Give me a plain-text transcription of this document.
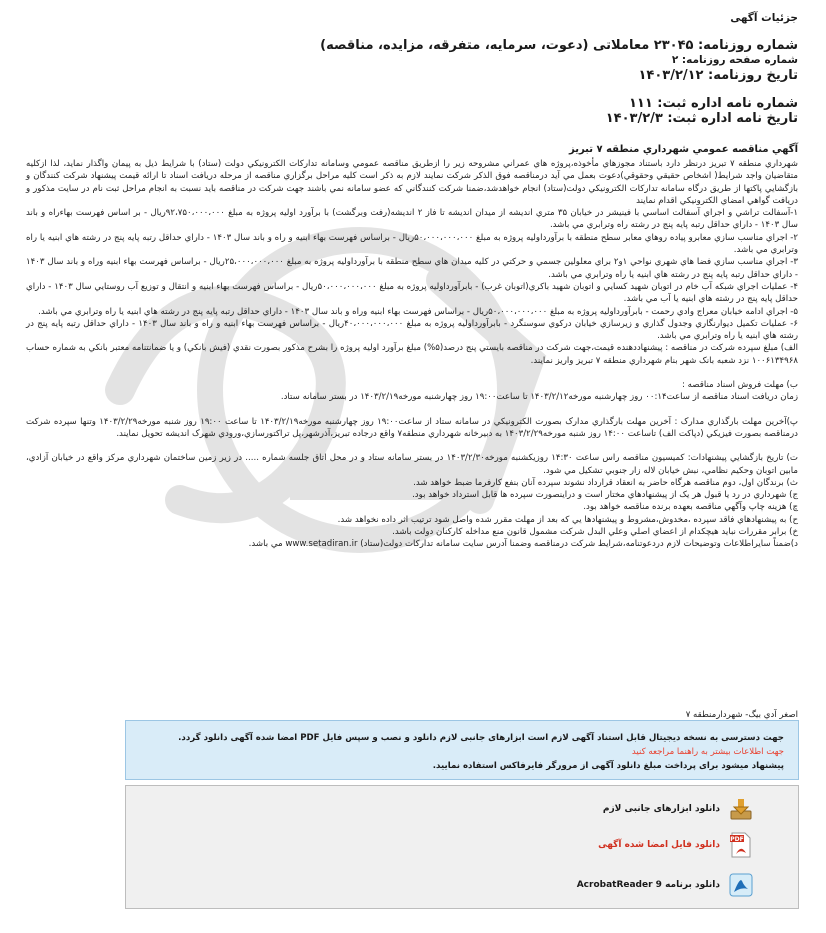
جزئیات آگهی
شماره روزنامه: ۲۳۰۴۵ معاملاتی (دعوت، سرمایه، متفرقه، مزایده، مناقصه)
شماره صفحه روزنامه: ۲
تاریخ روزنامه: ۱۴۰۳/۲/۱۲
شماره نامه اداره ثبت: ۱۱۱
تاریخ نامه اداره ثبت: ۱۴۰۳/۲/۳
آگهي مناقصه عمومي شهرداري منطقه ۷ تبريز

شهرداري منطقه ۷ تبريز درنظر دارد باستناد مجوزهاي مأخوذه،پروژه هاي عمراني مشروحه زير را ازطريق مناقصه عمومي وسامانه تدارکات الکترونيکي دولت (ستاد) با شرايط ذيل به پيمان واگذار نمايد، لذا ازکليه متقاضيان واجد شرايط( اشخاص حقيقي وحقوقي)دعوت بعمل مي آيد درمناقصه فوق الذکر شرکت نمايند لازم به ذکر است کليه مراحل برگزاري مناقصه از مرحله دريافت اسناد تا ارائه قيمت پيشنهاد شرکت کنندگان و بازگشايي پاکتها از طريق درگاه سامانه تدارکات الکترونيکي دولت(ستاد) انجام خواهدشد،ضمنا شرکت کنندگاني که عضو سامانه نمي باشند جهت شرکت در مناقصه بايد نسبت به انجام مراحل ثبت نام در سايت مذکور و دريافت گواهي امضاي الکترونيکي اقدام نمايند

۱-آسفالت تراشي و اجراي آسفالت اساسي با فينيشر در خيابان ۳۵ متري انديشه از ميدان انديشه تا فاز ۲ انديشه(رفت وبرگشت) با برآورد اوليه پروژه به مبلغ ۹۲،۷۵۰،۰۰۰،۰۰۰ريال - بر اساس فهرست بهاءراه و باند سال ۱۴۰۳ - داراي حداقل رتبه پايه پنج در رشته راه وترابري مي باشد.

۲- اجراي مناسب سازي معابرو پياده روهاي معابر سطح منطقه با برآورداوليه پروژه به مبلغ ۵۰،۰۰۰،۰۰۰،۰۰۰ريال - براساس فهرست بهاء ابنيه و راه و باند سال ۱۴۰۳ - داراي حداقل رتبه پايه پنج در رشته هاي ابنيه يا راه وترابري مي باشد.

۳- اجراي مناسب سازي فضا هاي شهري نواحي ۱و۲ براي معلولين جسمي و حرکتي در کليه ميدان هاي سطح منطقه با برآورداوليه پروژه به مبلغ ۲۵،۰۰۰،۰۰۰،۰۰۰ريال - براساس فهرست بهاء ابنيه وراه و باند سال ۱۴۰۳ - داراي حداقل رتبه پايه پنج در رشته هاي ابنيه يا راه وترابري مي باشد.

۴- عمليات اجراي شبکه آب خام در اتوبان شهيد کسايي و اتوبان شهيد باکري(اتوبان غرب) - بابرآورداوليه پروژه به مبلغ ۵۰،۰۰۰،۰۰۰،۰۰۰ريال - براساس فهرست بهاء ابنيه و انتقال و توزيع آب روستايي سال ۱۴۰۳ - داراي حداقل پايه پنج در رشته هاي ابنيه يا آب مي باشد.

۵- اجراي ادامه خيابان معراج وادي رحمت - بابرآورداوليه پروژه به مبلغ ۵۰،۰۰۰،۰۰۰،۰۰۰ريال - براساس فهرست بهاء ابنيه وراه و باند سال ۱۴۰۳ - داراي حداقل رتبه پايه پنج در رشته هاي ابنيه يا راه وترابري مي باشد.

۶- عمليات تکميل ديوارنگاري وجدول گذاري و زيرسازي خيابان درکوي سوسنگرد - بابرآورداوليه پروژه به مبلغ ۴۰،۰۰۰،۰۰۰،۰۰۰ريال - براساس فهرست بهاء ابنيه و راه و باند سال ۱۴۰۳ - داراي حداقل رتبه پايه پنج در رشته هاي ابنيه يا راه وترابري مي باشد.

الف) مبلغ سپرده شرکت در مناقصه : پيشنهاددهنده قيمت،جهت شرکت در مناقصه بايستي پنج درصد(۵%) مبلغ برآورد اوليه پروژه را بشرح مذکور بصورت نقدي (فيش بانکي) و يا ضمانتنامه معتبر بانکي به شماره حساب ۱۰۰۶۱۳۴۹۶۸ نزد شعبه بانک شهر بنام شهرداري منطقه ۷ تبريز واريز نمايند.

ب) مهلت فروش اسناد مناقصه :

زمان دريافت اسناد مناقصه از ساعت۰۰:۱۴ روز چهارشنبه مورخه۱۴۰۳/۲/۱۲ تا ساعت۱۹:۰۰ روز چهارشنبه مورخه۱۴۰۳/۲/۱۹ در بستر سامانه ستاد.

پ)آخرين مهلت بارگذاري مدارک : آخرين مهلت بارگذاري مدارک بصورت الکترونيکي در سامانه ستاد از ساعت۱۹:۰۰ روز چهارشنبه مورخه۱۴۰۳/۲/۱۹ تا ساعت ۱۹:۰۰ روز شنبه مورخه۱۴۰۳/۲/۲۹ وتنها سپرده شرکت درمناقصه بصورت فيزيکي (دپاکت الف) تاساعت ۱۴:۰۰ روز شنبه مورخه۱۴۰۳/۲/۲۹ به دبيرخانه شهرداري منطقه۷ واقع درجاده تبريز،آذرشهر،پل تراکتورسازي،ورودي شهرک انديشه تحويل نمايند.

ت) تاريخ بازگشايي پيشنهادات: کميسيون مناقصه راس ساعت ۱۴:۳۰ روزيکشنبه مورخه۱۴۰۳/۲/۳۰ در بستر سامانه ستاد و در محل اتاق جلسه شماره ..... در زير زمين ساختمان شهرداري مرکز واقع در خيابان آزادي، مابين اتوبان وحکيم نظامي، نبش خيابان لاله زار جنوبي تشکيل مي شود.

ث) برندگان اول، دوم مناقصه هرگاه حاضر به انعقاد قرارداد نشوند سپرده آنان بنفع کارفرما ضبط خواهد شد.

ج) شهرداري در رد يا قبول هر يک از پيشنهادهاي مختار است و دراينصورت سپرده ها قابل استرداد خواهد بود.

چ) هزينه چاپ وآگهي مناقصه بعهده برنده مناقصه خواهد بود.

ح) به پيشنهادهاي فاقد سپرده ،مخدوش،مشروط و پيشنهادها يي که بعد از مهلت مقرر شده واصل شود ترتيب اثر داده نخواهد شد.

خ) برابر مقررات نبايد هيچکدام از اعضاي اصلي وعلي البدل شرکت مشمول قانون منع مداخله کارکنان دولت باشد.

د)ضمناً سايراطلاعات وتوضيحات لازم دردعوتنامه،شرايط شرکت درمناقصه وضمنا آدرس سايت سامانه تدارکات دولت(ستاد) www.setadiran.ir مي باشد.

اصغر آدي بيگ- شهردارمنطقه ۷
جهت دسترسی به نسخه دیجیتال قابل استناد آگهی لازم است ابزارهای جانبی لازم دانلود و نصب و سپس فایل PDF امضا شده آگهی دانلود گردد.
جهت اطلاعات بیشتر به راهنما مراجعه کنید
پیشنهاد میشود برای پرداخت مبلغ دانلود آگهی از مرورگر فایرفاکس استفاده نمایید.
دانلود ابزارهای جانبی لازم
PDF
دانلود فایل امضا شده آگهی
دانلود برنامه AcrobatReader 9
